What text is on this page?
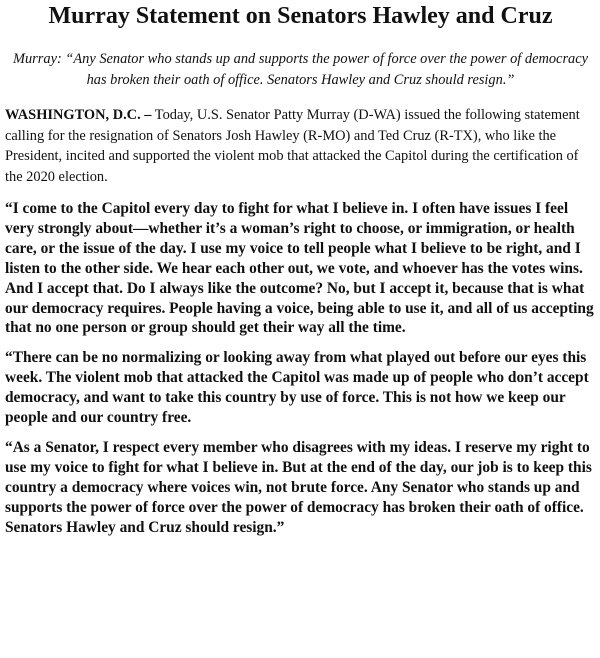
Murray Statement on Senators Hawley and Cruz

Murray: “Any Senator who stands up and supports the power of force over the power of democracy has broken their oath of office. Senators Hawley and Cruz should resign.”

WASHINGTON, D.C. – Today, U.S. Senator Patty Murray (D-WA) issued the following statement calling for the resignation of Senators Josh Hawley (R-MO) and Ted Cruz (R-TX), who like the President, incited and supported the violent mob that attacked the Capitol during the certification of the 2020 election.

“I come to the Capitol every day to fight for what I believe in. I often have issues I feel very strongly about—whether it’s a woman’s right to choose, or immigration, or health care, or the issue of the day. I use my voice to tell people what I believe to be right, and I listen to the other side. We hear each other out, we vote, and whoever has the votes wins. And I accept that. Do I always like the outcome? No, but I accept it, because that is what our democracy requires. People having a voice, being able to use it, and all of us accepting that no one person or group should get their way all the time.

“There can be no normalizing or looking away from what played out before our eyes this week. The violent mob that attacked the Capitol was made up of people who don’t accept democracy, and want to take this country by use of force. This is not how we keep our people and our country free.

“As a Senator, I respect every member who disagrees with my ideas. I reserve my right to use my voice to fight for what I believe in. But at the end of the day, our job is to keep this country a democracy where voices win, not brute force. Any Senator who stands up and supports the power of force over the power of democracy has broken their oath of office. Senators Hawley and Cruz should resign.”
